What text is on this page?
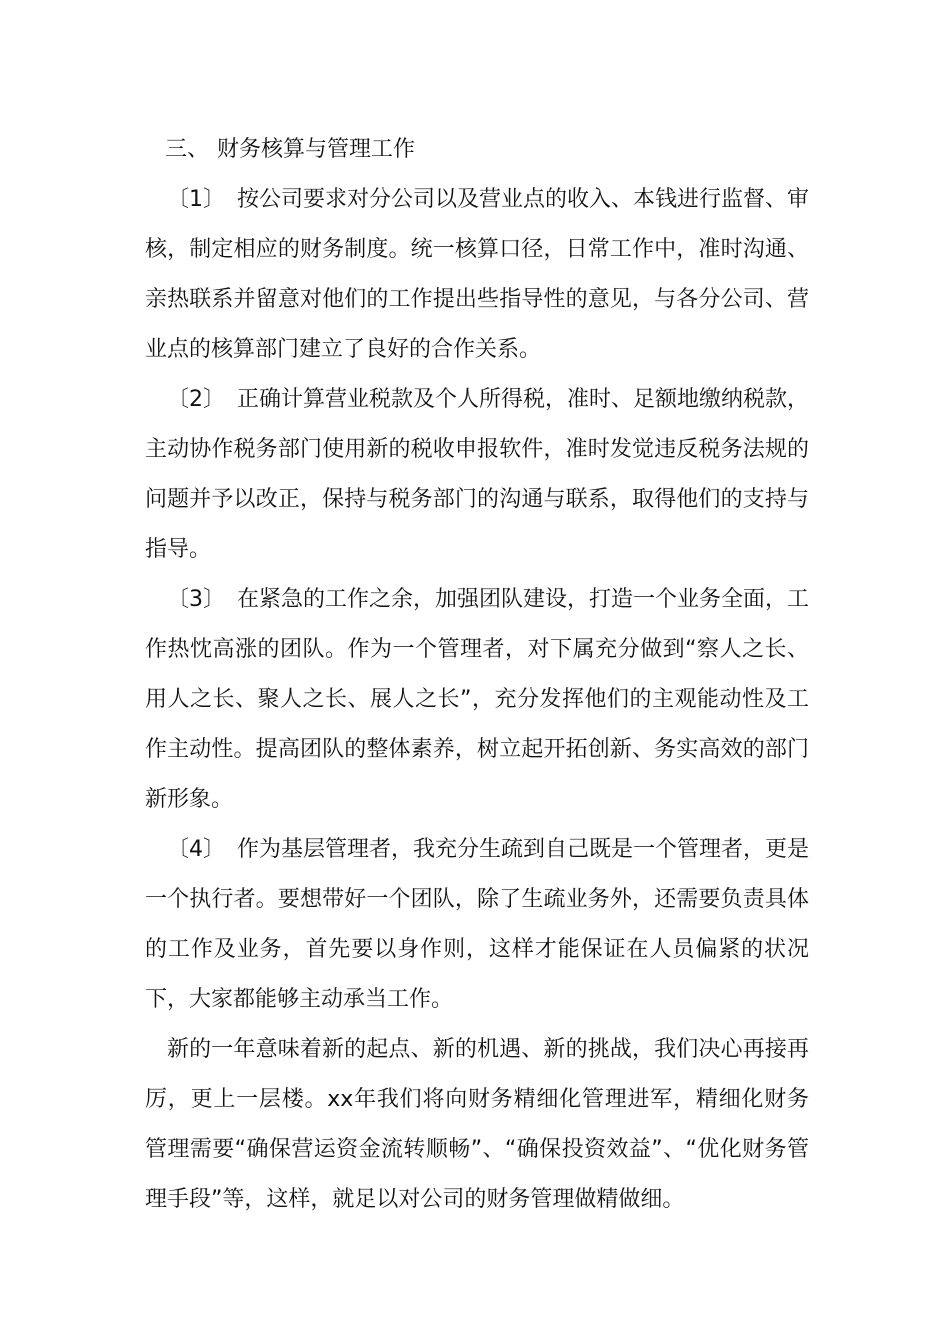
三、 财务核算与管理工作

〔1〕 按公司要求对分公司以及营业点的收入、本钱进行监督、审核，制定相应的财务制度。统一核算口径，日常工作中，准时沟通、亲热联系并留意对他们的工作提出些指导性的意见，与各分公司、营业点的核算部门建立了良好的合作关系。

〔2〕 正确计算营业税款及个人所得税，准时、足额地缴纳税款，主动协作税务部门使用新的税收申报软件，准时发觉违反税务法规的问题并予以改正，保持与税务部门的沟通与联系，取得他们的支持与指导。

〔3〕 在紧急的工作之余，加强团队建设，打造一个业务全面，工作热忱高涨的团队。作为一个管理者，对下属充分做到“察人之长、用人之长、聚人之长、展人之长”，充分发挥他们的主观能动性及工作主动性。提高团队的整体素养，树立起开拓创新、务实高效的部门新形象。

〔4〕 作为基层管理者，我充分生疏到自己既是一个管理者，更是一个执行者。要想带好一个团队，除了生疏业务外，还需要负责具体的工作及业务，首先要以身作则，这样才能保证在人员偏紧的状况下，大家都能够主动承当工作。

新的一年意味着新的起点、新的机遇、新的挑战，我们决心再接再厉，更上一层楼。xx年我们将向财务精细化管理进军，精细化财务管理需要“确保营运资金流转顺畅”、“确保投资效益”、“优化财务管理手段”等，这样，就足以对公司的财务管理做精做细。
